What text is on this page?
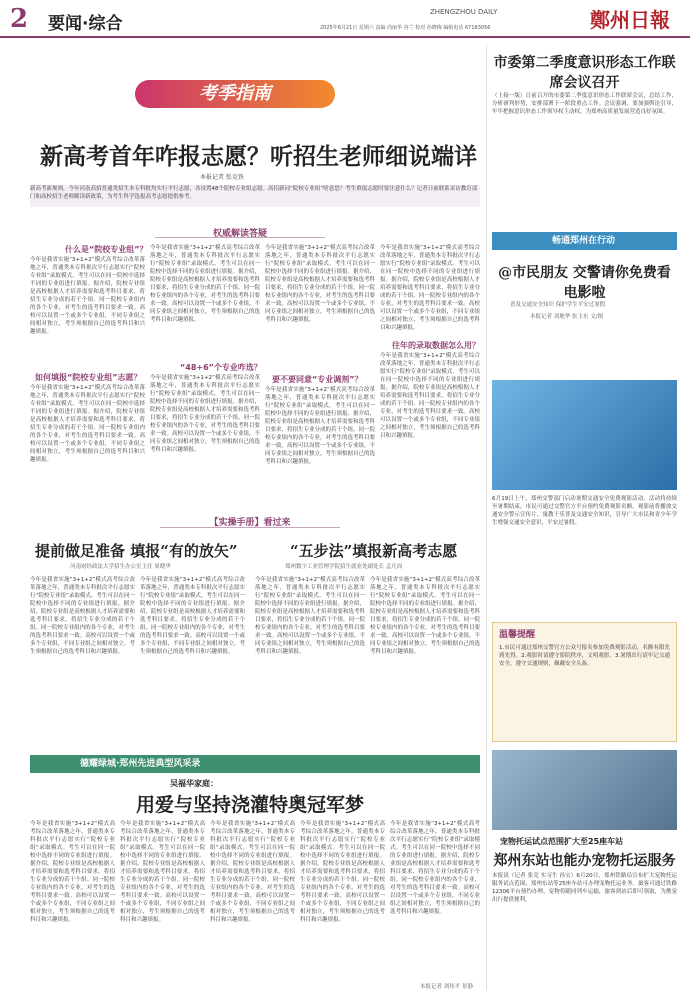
2 要闻·综合
ZHENGZHOU DAILY
2025年6月21日 星期六 责编 尚丽华 谷兰 校对 孙晓梅 编辑电话 67183056	鄭州日報
考季指南
新高考首年咋报志愿？听招生老师细说端详
本报记者 张竞铁
新高考新规则，今年河南高招普通类招生本专科批均实行平行志愿，各设置48个院校专业组志愿。高招新词“院校专业组”啥意思？考生填报志愿时要注意什么？记者日前联系采访教育部门和高校招生老师解读新政策，为考生科学选报高考志愿提供参考。
权威解读答疑
什么是“院校专业组”？
今年是我省实施“3+1+2”模式高考综合改革落地之年，普通类本专科批次平行志愿实行“院校专业组”录取模式。考生可以在同一院校中选择不同的专业组进行填报。据介绍，院校专业组是高校根据人才培养需要和选考科目要求，将招生专业分成的若干个组。同一院校专业组内的各个专业，对考生的选考科目要求一致。高校可以设置一个或多个专业组，不同专业组之间相对独立，考生须根据自己的选考科目和兴趣填报。
如何填报“院校专业组”志愿？
今年是我省实施“3+1+2”模式高考综合改革落地之年，普通类本专科批次平行志愿实行“院校专业组”录取模式。考生可以在同一院校中选择不同的专业组进行填报。据介绍，院校专业组是高校根据人才培养需要和选考科目要求，将招生专业分成的若干个组。同一院校专业组内的各个专业，对考生的选考科目要求一致。高校可以设置一个或多个专业组，不同专业组之间相对独立，考生须根据自己的选考科目和兴趣填报。
今年是我省实施“3+1+2”模式高考综合改革落地之年，普通类本专科批次平行志愿实行“院校专业组”录取模式。考生可以在同一院校中选择不同的专业组进行填报。据介绍，院校专业组是高校根据人才培养需要和选考科目要求，将招生专业分成的若干个组。同一院校专业组内的各个专业，对考生的选考科目要求一致。高校可以设置一个或多个专业组，不同专业组之间相对独立，考生须根据自己的选考科目和兴趣填报。
“48+6”个专业咋选？
今年是我省实施“3+1+2”模式高考综合改革落地之年，普通类本专科批次平行志愿实行“院校专业组”录取模式。考生可以在同一院校中选择不同的专业组进行填报。据介绍，院校专业组是高校根据人才培养需要和选考科目要求，将招生专业分成的若干个组。同一院校专业组内的各个专业，对考生的选考科目要求一致。高校可以设置一个或多个专业组，不同专业组之间相对独立，考生须根据自己的选考科目和兴趣填报。
今年是我省实施“3+1+2”模式高考综合改革落地之年，普通类本专科批次平行志愿实行“院校专业组”录取模式。考生可以在同一院校中选择不同的专业组进行填报。据介绍，院校专业组是高校根据人才培养需要和选考科目要求，将招生专业分成的若干个组。同一院校专业组内的各个专业，对考生的选考科目要求一致。高校可以设置一个或多个专业组，不同专业组之间相对独立，考生须根据自己的选考科目和兴趣填报。
要不要同意“专业调剂”？
今年是我省实施“3+1+2”模式高考综合改革落地之年，普通类本专科批次平行志愿实行“院校专业组”录取模式。考生可以在同一院校中选择不同的专业组进行填报。据介绍，院校专业组是高校根据人才培养需要和选考科目要求，将招生专业分成的若干个组。同一院校专业组内的各个专业，对考生的选考科目要求一致。高校可以设置一个或多个专业组，不同专业组之间相对独立，考生须根据自己的选考科目和兴趣填报。
今年是我省实施“3+1+2”模式高考综合改革落地之年，普通类本专科批次平行志愿实行“院校专业组”录取模式。考生可以在同一院校中选择不同的专业组进行填报。据介绍，院校专业组是高校根据人才培养需要和选考科目要求，将招生专业分成的若干个组。同一院校专业组内的各个专业，对考生的选考科目要求一致。高校可以设置一个或多个专业组，不同专业组之间相对独立，考生须根据自己的选考科目和兴趣填报。
往年的录取数据怎么用？
今年是我省实施“3+1+2”模式高考综合改革落地之年，普通类本专科批次平行志愿实行“院校专业组”录取模式。考生可以在同一院校中选择不同的专业组进行填报。据介绍，院校专业组是高校根据人才培养需要和选考科目要求，将招生专业分成的若干个组。同一院校专业组内的各个专业，对考生的选考科目要求一致。高校可以设置一个或多个专业组，不同专业组之间相对独立，考生须根据自己的选考科目和兴趣填报。
【实操手册】看过来
提前做足准备 填报“有的放矢”
河南财经政法大学招生办公室主任 周晓华
今年是我省实施“3+1+2”模式高考综合改革落地之年，普通类本专科批次平行志愿实行“院校专业组”录取模式。考生可以在同一院校中选择不同的专业组进行填报。据介绍，院校专业组是高校根据人才培养需要和选考科目要求，将招生专业分成的若干个组。同一院校专业组内的各个专业，对考生的选考科目要求一致。高校可以设置一个或多个专业组，不同专业组之间相对独立，考生须根据自己的选考科目和兴趣填报。
今年是我省实施“3+1+2”模式高考综合改革落地之年，普通类本专科批次平行志愿实行“院校专业组”录取模式。考生可以在同一院校中选择不同的专业组进行填报。据介绍，院校专业组是高校根据人才培养需要和选考科目要求，将招生专业分成的若干个组。同一院校专业组内的各个专业，对考生的选考科目要求一致。高校可以设置一个或多个专业组，不同专业组之间相对独立，考生须根据自己的选考科目和兴趣填报。
“五步法”填报新高考志愿
郑州数字工业管理学院招生就业处副处长 孟凡周
今年是我省实施“3+1+2”模式高考综合改革落地之年，普通类本专科批次平行志愿实行“院校专业组”录取模式。考生可以在同一院校中选择不同的专业组进行填报。据介绍，院校专业组是高校根据人才培养需要和选考科目要求，将招生专业分成的若干个组。同一院校专业组内的各个专业，对考生的选考科目要求一致。高校可以设置一个或多个专业组，不同专业组之间相对独立，考生须根据自己的选考科目和兴趣填报。
今年是我省实施“3+1+2”模式高考综合改革落地之年，普通类本专科批次平行志愿实行“院校专业组”录取模式。考生可以在同一院校中选择不同的专业组进行填报。据介绍，院校专业组是高校根据人才培养需要和选考科目要求，将招生专业分成的若干个组。同一院校专业组内的各个专业，对考生的选考科目要求一致。高校可以设置一个或多个专业组，不同专业组之间相对独立，考生须根据自己的选考科目和兴趣填报。
德耀绿城·郑州先进典型风采录
吴福华家庭：
用爱与坚持浇灌特奥冠军梦
今年是我省实施“3+1+2”模式高考综合改革落地之年，普通类本专科批次平行志愿实行“院校专业组”录取模式。考生可以在同一院校中选择不同的专业组进行填报。据介绍，院校专业组是高校根据人才培养需要和选考科目要求，将招生专业分成的若干个组。同一院校专业组内的各个专业，对考生的选考科目要求一致。高校可以设置一个或多个专业组，不同专业组之间相对独立，考生须根据自己的选考科目和兴趣填报。
今年是我省实施“3+1+2”模式高考综合改革落地之年，普通类本专科批次平行志愿实行“院校专业组”录取模式。考生可以在同一院校中选择不同的专业组进行填报。据介绍，院校专业组是高校根据人才培养需要和选考科目要求，将招生专业分成的若干个组。同一院校专业组内的各个专业，对考生的选考科目要求一致。高校可以设置一个或多个专业组，不同专业组之间相对独立，考生须根据自己的选考科目和兴趣填报。
今年是我省实施“3+1+2”模式高考综合改革落地之年，普通类本专科批次平行志愿实行“院校专业组”录取模式。考生可以在同一院校中选择不同的专业组进行填报。据介绍，院校专业组是高校根据人才培养需要和选考科目要求，将招生专业分成的若干个组。同一院校专业组内的各个专业，对考生的选考科目要求一致。高校可以设置一个或多个专业组，不同专业组之间相对独立，考生须根据自己的选考科目和兴趣填报。
今年是我省实施“3+1+2”模式高考综合改革落地之年，普通类本专科批次平行志愿实行“院校专业组”录取模式。考生可以在同一院校中选择不同的专业组进行填报。据介绍，院校专业组是高校根据人才培养需要和选考科目要求，将招生专业分成的若干个组。同一院校专业组内的各个专业，对考生的选考科目要求一致。高校可以设置一个或多个专业组，不同专业组之间相对独立，考生须根据自己的选考科目和兴趣填报。
今年是我省实施“3+1+2”模式高考综合改革落地之年，普通类本专科批次平行志愿实行“院校专业组”录取模式。考生可以在同一院校中选择不同的专业组进行填报。据介绍，院校专业组是高校根据人才培养需要和选考科目要求，将招生专业分成的若干个组。同一院校专业组内的各个专业，对考生的选考科目要求一致。高校可以设置一个或多个专业组，不同专业组之间相对独立，考生须根据自己的选考科目和兴趣填报。
本报记者 刘伟平 景静
市委第二季度意识形态工作联席会议召开
（上接一版）日前召开的市委第二季度意识形态工作联席会议，总结工作，分析研判形势，安排部署下一阶段重点工作。会议强调，要加强舆论引导，牢牢把握意识形态工作领导权主动权，为郑州高质量发展营造良好氛围。
畅通郑州在行动
@市民朋友 交警请你免费看电影啦
普及交通安全知识 保护学生平安过暑假
本报记者 刘地华 张玉东 文/图
6月19日上午，郑州交警部门启动暑期交通安全免费观影活动。活动将持续至暑期结束，市民可通过交警官方平台预约免费观影名额，观影前将播放交通安全警示宣传片，寓教于乐普及交通安全知识，引导广大市民和青少年学生增强交通安全意识，平安过暑假。
温馨提醒
1.市民可通过郑州交警官方公众号报名参加免费观影活动，名额有限先到先得。2.观影时请遵守影院秩序，文明观影。3.暑期出行请牢记交通安全，遵守交通规则，佩戴安全头盔。
宠物托运试点范围扩大至25座车站
郑州东站也能办宠物托运服务
本报讯（记者 张竞 实习生 孙宝）6月20日，郑州铁路局宣布扩大宠物托运服务试点范围，郑州东站等25座车站可办理宠物托运业务。旅客可通过铁路12306平台预约办理，宠物将随同列车运输，旅客到站后即可领取，为携宠出行提供便利。
